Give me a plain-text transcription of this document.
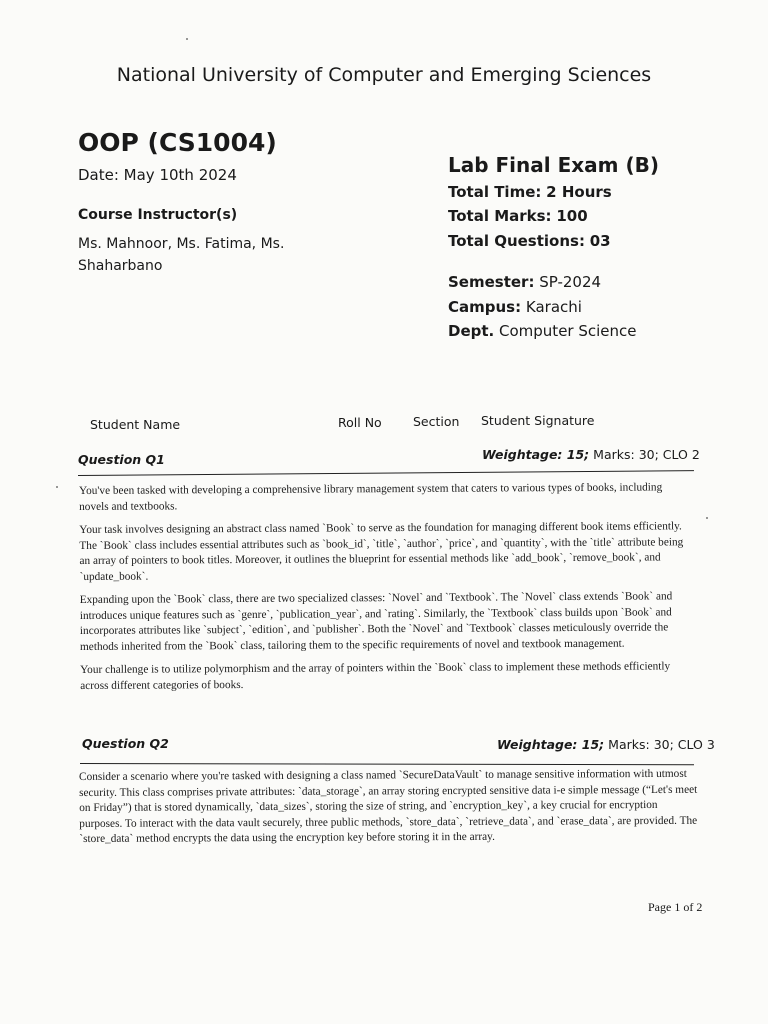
National University of Computer and Emerging Sciences
OOP (CS1004)
Date: May 10th 2024
Course Instructor(s)
Ms. Mahnoor, Ms. Fatima, Ms. Shaharbano
Lab Final Exam (B)
Total Time: 2 Hours
Total Marks: 100
Total Questions: 03
Semester: SP-2024
Campus: Karachi
Dept. Computer Science
Student Name	Roll No	Section Student Signature
Question Q1	Weightage: 15; Marks: 30; CLO 2

You've been tasked with developing a comprehensive library management system that caters to various types of books, including novels and textbooks.

Your task involves designing an abstract class named `Book` to serve as the foundation for managing different book items efficiently. The `Book` class includes essential attributes such as `book_id`, `title`, `author`, `price`, and `quantity`, with the `title` attribute being an array of pointers to book titles. Moreover, it outlines the blueprint for essential methods like `add_book`, `remove_book`, and `update_book`.

Expanding upon the `Book` class, there are two specialized classes: `Novel` and `Textbook`. The `Novel` class extends `Book` and introduces unique features such as `genre`, `publication_year`, and `rating`. Similarly, the `Textbook` class builds upon `Book` and incorporates attributes like `subject`, `edition`, and `publisher`. Both the `Novel` and `Textbook` classes meticulously override the methods inherited from the `Book` class, tailoring them to the specific requirements of novel and textbook management.

Your challenge is to utilize polymorphism and the array of pointers within the `Book` class to implement these methods efficiently across different categories of books.

Question Q2	Weightage: 15; Marks: 30; CLO 3

Consider a scenario where you're tasked with designing a class named `SecureDataVault` to manage sensitive information with utmost security. This class comprises private attributes: `data_storage`, an array storing encrypted sensitive data i-e simple message (“Let's meet on Friday”) that is stored dynamically, `data_sizes`, storing the size of string, and `encryption_key`, a key crucial for encryption purposes. To interact with the data vault securely, three public methods, `store_data`, `retrieve_data`, and `erase_data`, are provided. The `store_data` method encrypts the data using the encryption key before storing it in the array.

Page 1 of 2
